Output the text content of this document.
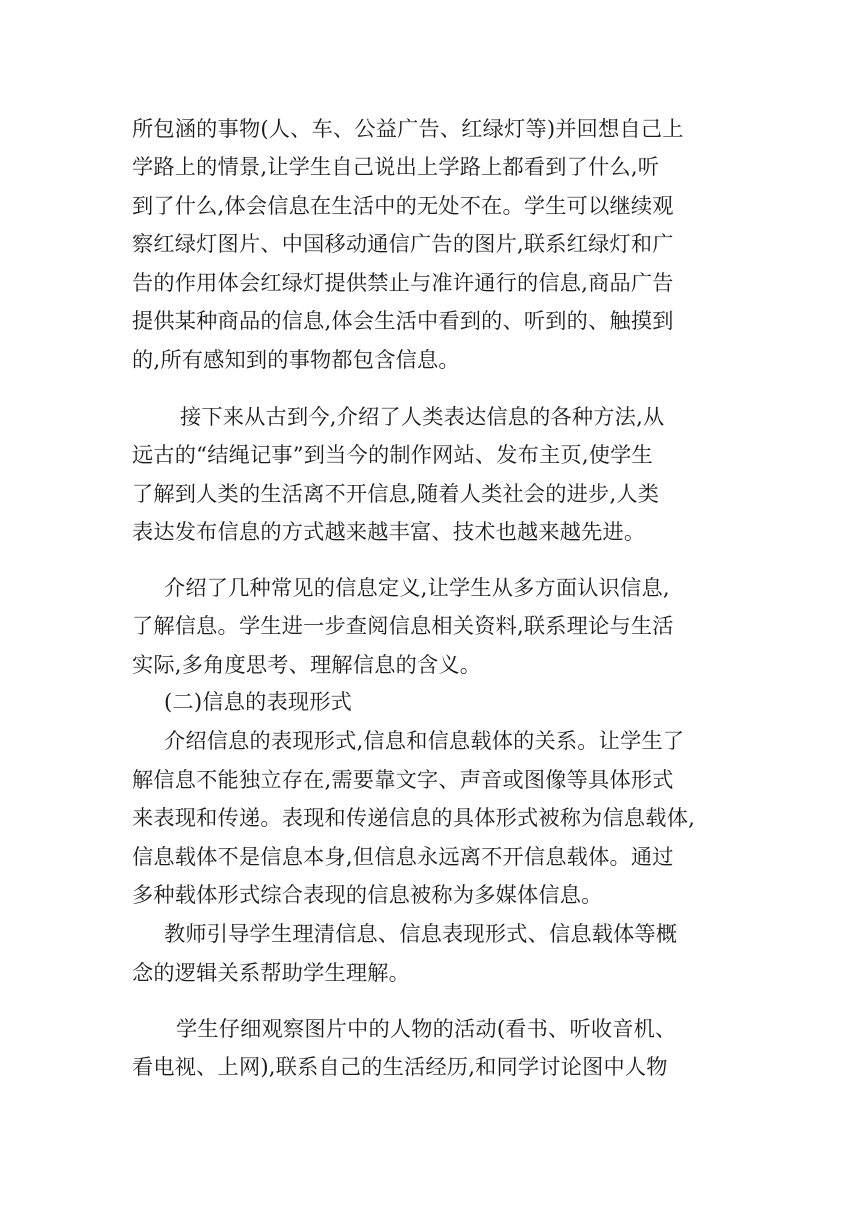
所包涵的事物(人、车、公益广告、红绿灯等)并回想自己上
学路上的情景,让学生自己说出上学路上都看到了什么,听
到了什么,体会信息在生活中的无处不在。学生可以继续观
察红绿灯图片、中国移动通信广告的图片,联系红绿灯和广
告的作用体会红绿灯提供禁止与准许通行的信息,商品广告
提供某种商品的信息,体会生活中看到的、听到的、触摸到
的,所有感知到的事物都包含信息。
接下来从古到今,介绍了人类表达信息的各种方法,从
远古的“结绳记事”到当今的制作网站、发布主页,使学生
了解到人类的生活离不开信息,随着人类社会的进步,人类
表达发布信息的方式越来越丰富、技术也越来越先进。
介绍了几种常见的信息定义,让学生从多方面认识信息,
了解信息。学生进一步查阅信息相关资料,联系理论与生活
实际,多角度思考、理解信息的含义。
(二)信息的表现形式
介绍信息的表现形式,信息和信息载体的关系。让学生了
解信息不能独立存在,需要靠文字、声音或图像等具体形式
来表现和传递。表现和传递信息的具体形式被称为信息载体,
信息载体不是信息本身,但信息永远离不开信息载体。通过
多种载体形式综合表现的信息被称为多媒体信息。
教师引导学生理清信息、信息表现形式、信息载体等概
念的逻辑关系帮助学生理解。
学生仔细观察图片中的人物的活动(看书、听收音机、
看电视、上网),联系自己的生活经历,和同学讨论图中人物
